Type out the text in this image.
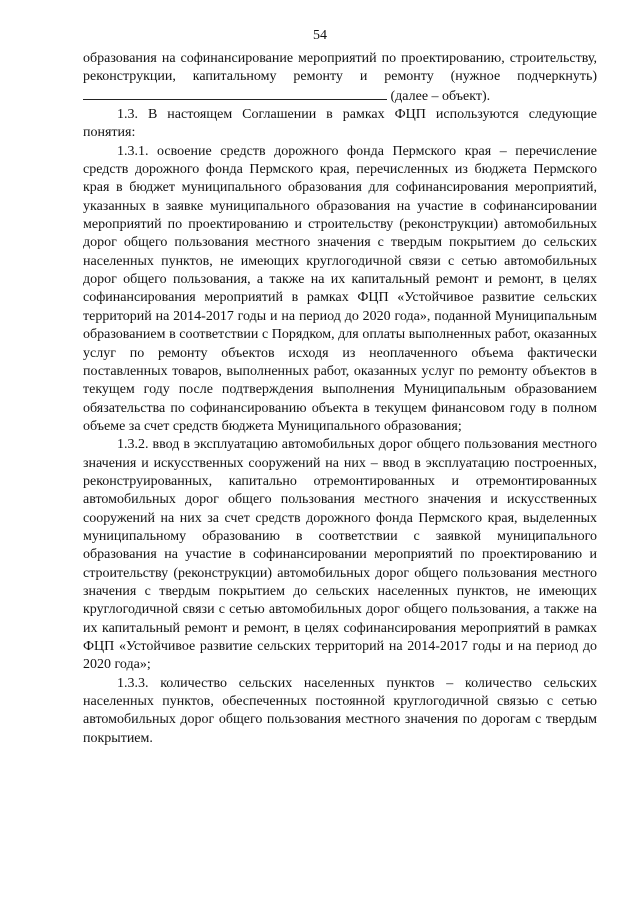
54

образования на софинансирование мероприятий по проектированию, строительству, реконструкции, капитальному ремонту и ремонту (нужное подчеркнуть)  (далее – объект).

1.3. В настоящем Соглашении в рамках ФЦП используются следующие понятия:

1.3.1. освоение средств дорожного фонда Пермского края – перечисление средств дорожного фонда Пермского края, перечисленных из бюджета Пермского края в бюджет муниципального образования для софинансирования мероприятий, указанных в заявке муниципального образования на участие в софинансировании мероприятий по проектированию и строительству (реконструкции) автомобильных дорог общего пользования местного значения с твердым покрытием до сельских населенных пунктов, не имеющих круглогодичной связи с сетью автомобильных дорог общего пользования, а также на их капитальный ремонт и ремонт, в целях софинансирования мероприятий в рамках ФЦП «Устойчивое развитие сельских территорий на 2014-2017 годы и на период до 2020 года», поданной Муниципальным образованием в соответствии с Порядком, для оплаты выполненных работ, оказанных услуг по ремонту объектов исходя из неоплаченного объема фактически поставленных товаров, выполненных работ, оказанных услуг по ремонту объектов в текущем году после подтверждения выполнения Муниципальным образованием обязательства по софинансированию объекта в текущем финансовом году в полном объеме за счет средств бюджета Муниципального образования;

1.3.2. ввод в эксплуатацию автомобильных дорог общего пользования местного значения и искусственных сооружений на них – ввод в эксплуатацию построенных, реконструированных, капитально отремонтированных и отремонтированных автомобильных дорог общего пользования местного значения и искусственных сооружений на них за счет средств дорожного фонда Пермского края, выделенных муниципальному образованию в соответствии с заявкой муниципального образования на участие в софинансировании мероприятий по проектированию и строительству (реконструкции) автомобильных дорог общего пользования местного значения с твердым покрытием до сельских населенных пунктов, не имеющих круглогодичной связи с сетью автомобильных дорог общего пользования, а также на их капитальный ремонт и ремонт, в целях софинансирования мероприятий в рамках ФЦП «Устойчивое развитие сельских территорий на 2014-2017 годы и на период до 2020 года»;

1.3.3. количество сельских населенных пунктов – количество сельских населенных пунктов, обеспеченных постоянной круглогодичной связью с сетью автомобильных дорог общего пользования местного значения по дорогам с твердым покрытием.
